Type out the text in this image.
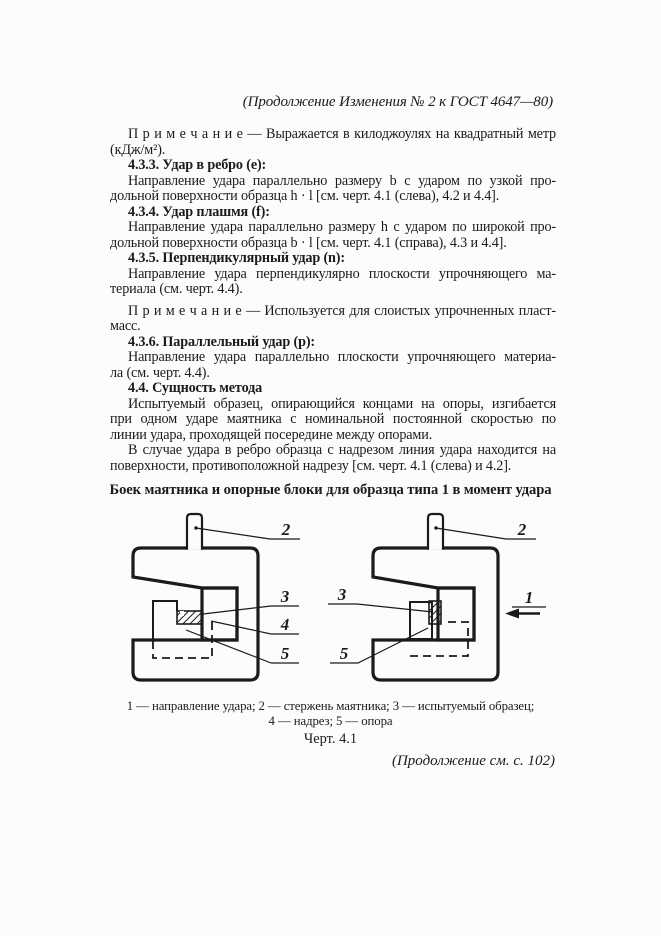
(Продолжение Изменения № 2 к ГОСТ 4647—80)
П р и м е ч а н и е — Выражается в килоджоулях на квадратный метр
(кДж/м²).
4.3.3. Удар в ребро (e):
Направление удара параллельно размеру b с ударом по узкой про-
дольной поверхности образца h · l [см. черт. 4.1 (слева), 4.2 и 4.4].
4.3.4. Удар плашмя (f):
Направление удара параллельно размеру h с ударом по широкой про-
дольной поверхности образца b · l [см. черт. 4.1 (справа), 4.3 и 4.4].
4.3.5. Перпендикулярный удар (n):
Направление удара перпендикулярно плоскости упрочняющего ма-
териала (см. черт. 4.4).
П р и м е ч а н и е — Используется для слоистых упрочненных пласт-
масс.
4.3.6. Параллельный удар (p):
Направление удара параллельно плоскости упрочняющего материа-
ла (см. черт. 4.4).
4.4. Сущность метода
Испытуемый образец, опирающийся концами на опоры, изгибается
при одном ударе маятника с номинальной постоянной скоростью по
линии удара, проходящей посередине между опорами.
В случае удара в ребро образца с надрезом линия удара находится на
поверхности, противоположной надрезу [см. черт. 4.1 (слева) и 4.2].
Боек маятника и опорные блоки для образца типа 1 в момент удара
2
3
4
5
2
3
5
1
1 — направление удара; 2 — стержень маятника; 3 — испытуемый образец;
4 — надрез; 5 — опора
Черт. 4.1
(Продолжение см. с. 102)
